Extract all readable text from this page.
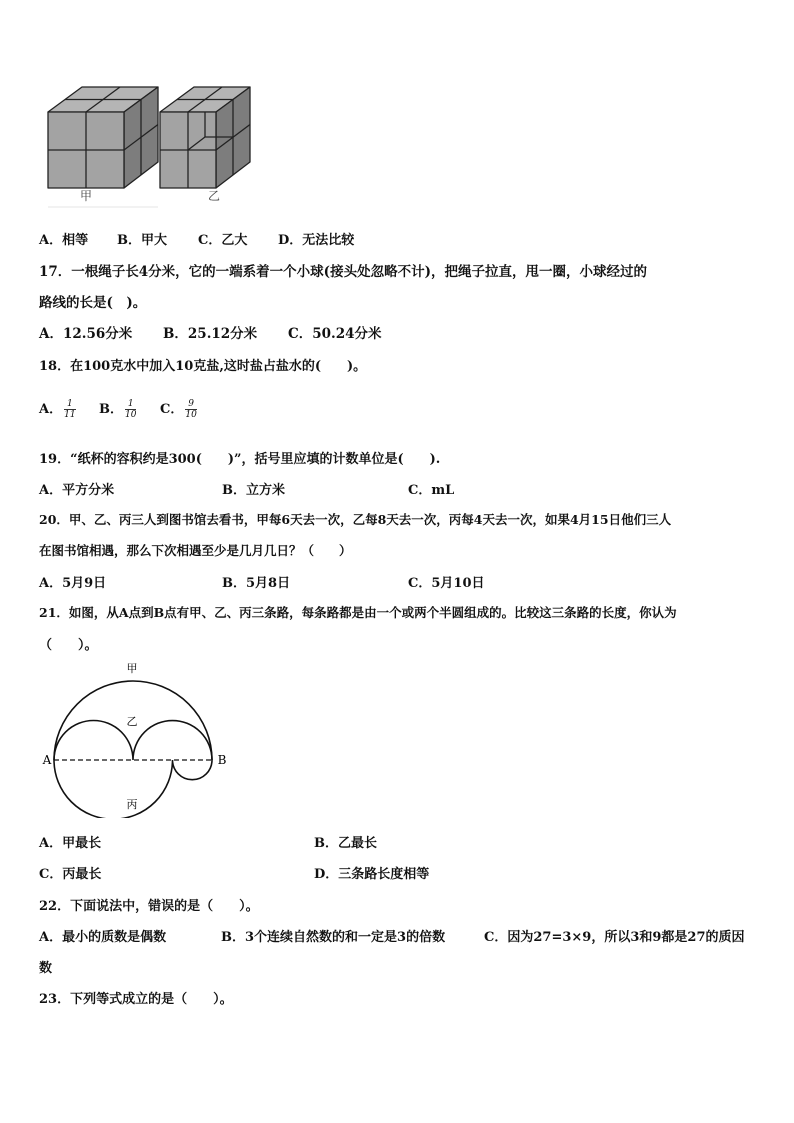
甲	乙
A．相等 B．甲大 C．乙大 D．无法比较
17．一根绳子长4分米，它的一端系着一个小球(接头处忽略不计)，把绳子拉直，甩一圈，小球经过的
路线的长是(　)。
A．12.56分米 B．25.12分米 C．50.24分米
18．在100克水中加入10克盐,这时盐占盐水的(　　)。
A． $\frac{1}{11}$ B． $\frac{1}{10}$ C． $\frac{9}{10}$
19．“纸杯的容积约是300(　　)”，括号里应填的计数单位是(　　).
A．平方分米	B．立方米	C．mL
20．甲、乙、丙三人到图书馆去看书，甲每6天去一次，乙每8天去一次，丙每4天去一次，如果4月15日他们三人
在图书馆相遇，那么下次相遇至少是几月几日？（　　）
A．5月9日	B．5月8日	C．5月10日
21．如图，从A点到B点有甲、乙、丙三条路，每条路都是由一个或两个半圆组成的。比较这三条路的长度，你认为
（　　）。
甲
乙
丙
A	B
A．甲最长	B．乙最长
C．丙最长	D．三条路长度相等
22．下面说法中，错误的是（　　）。
A．最小的质数是偶数	B．3个连续自然数的和一定是3的倍数	C．因为27=3×9，所以3和9都是27的质因
数
23．下列等式成立的是（　　）。
